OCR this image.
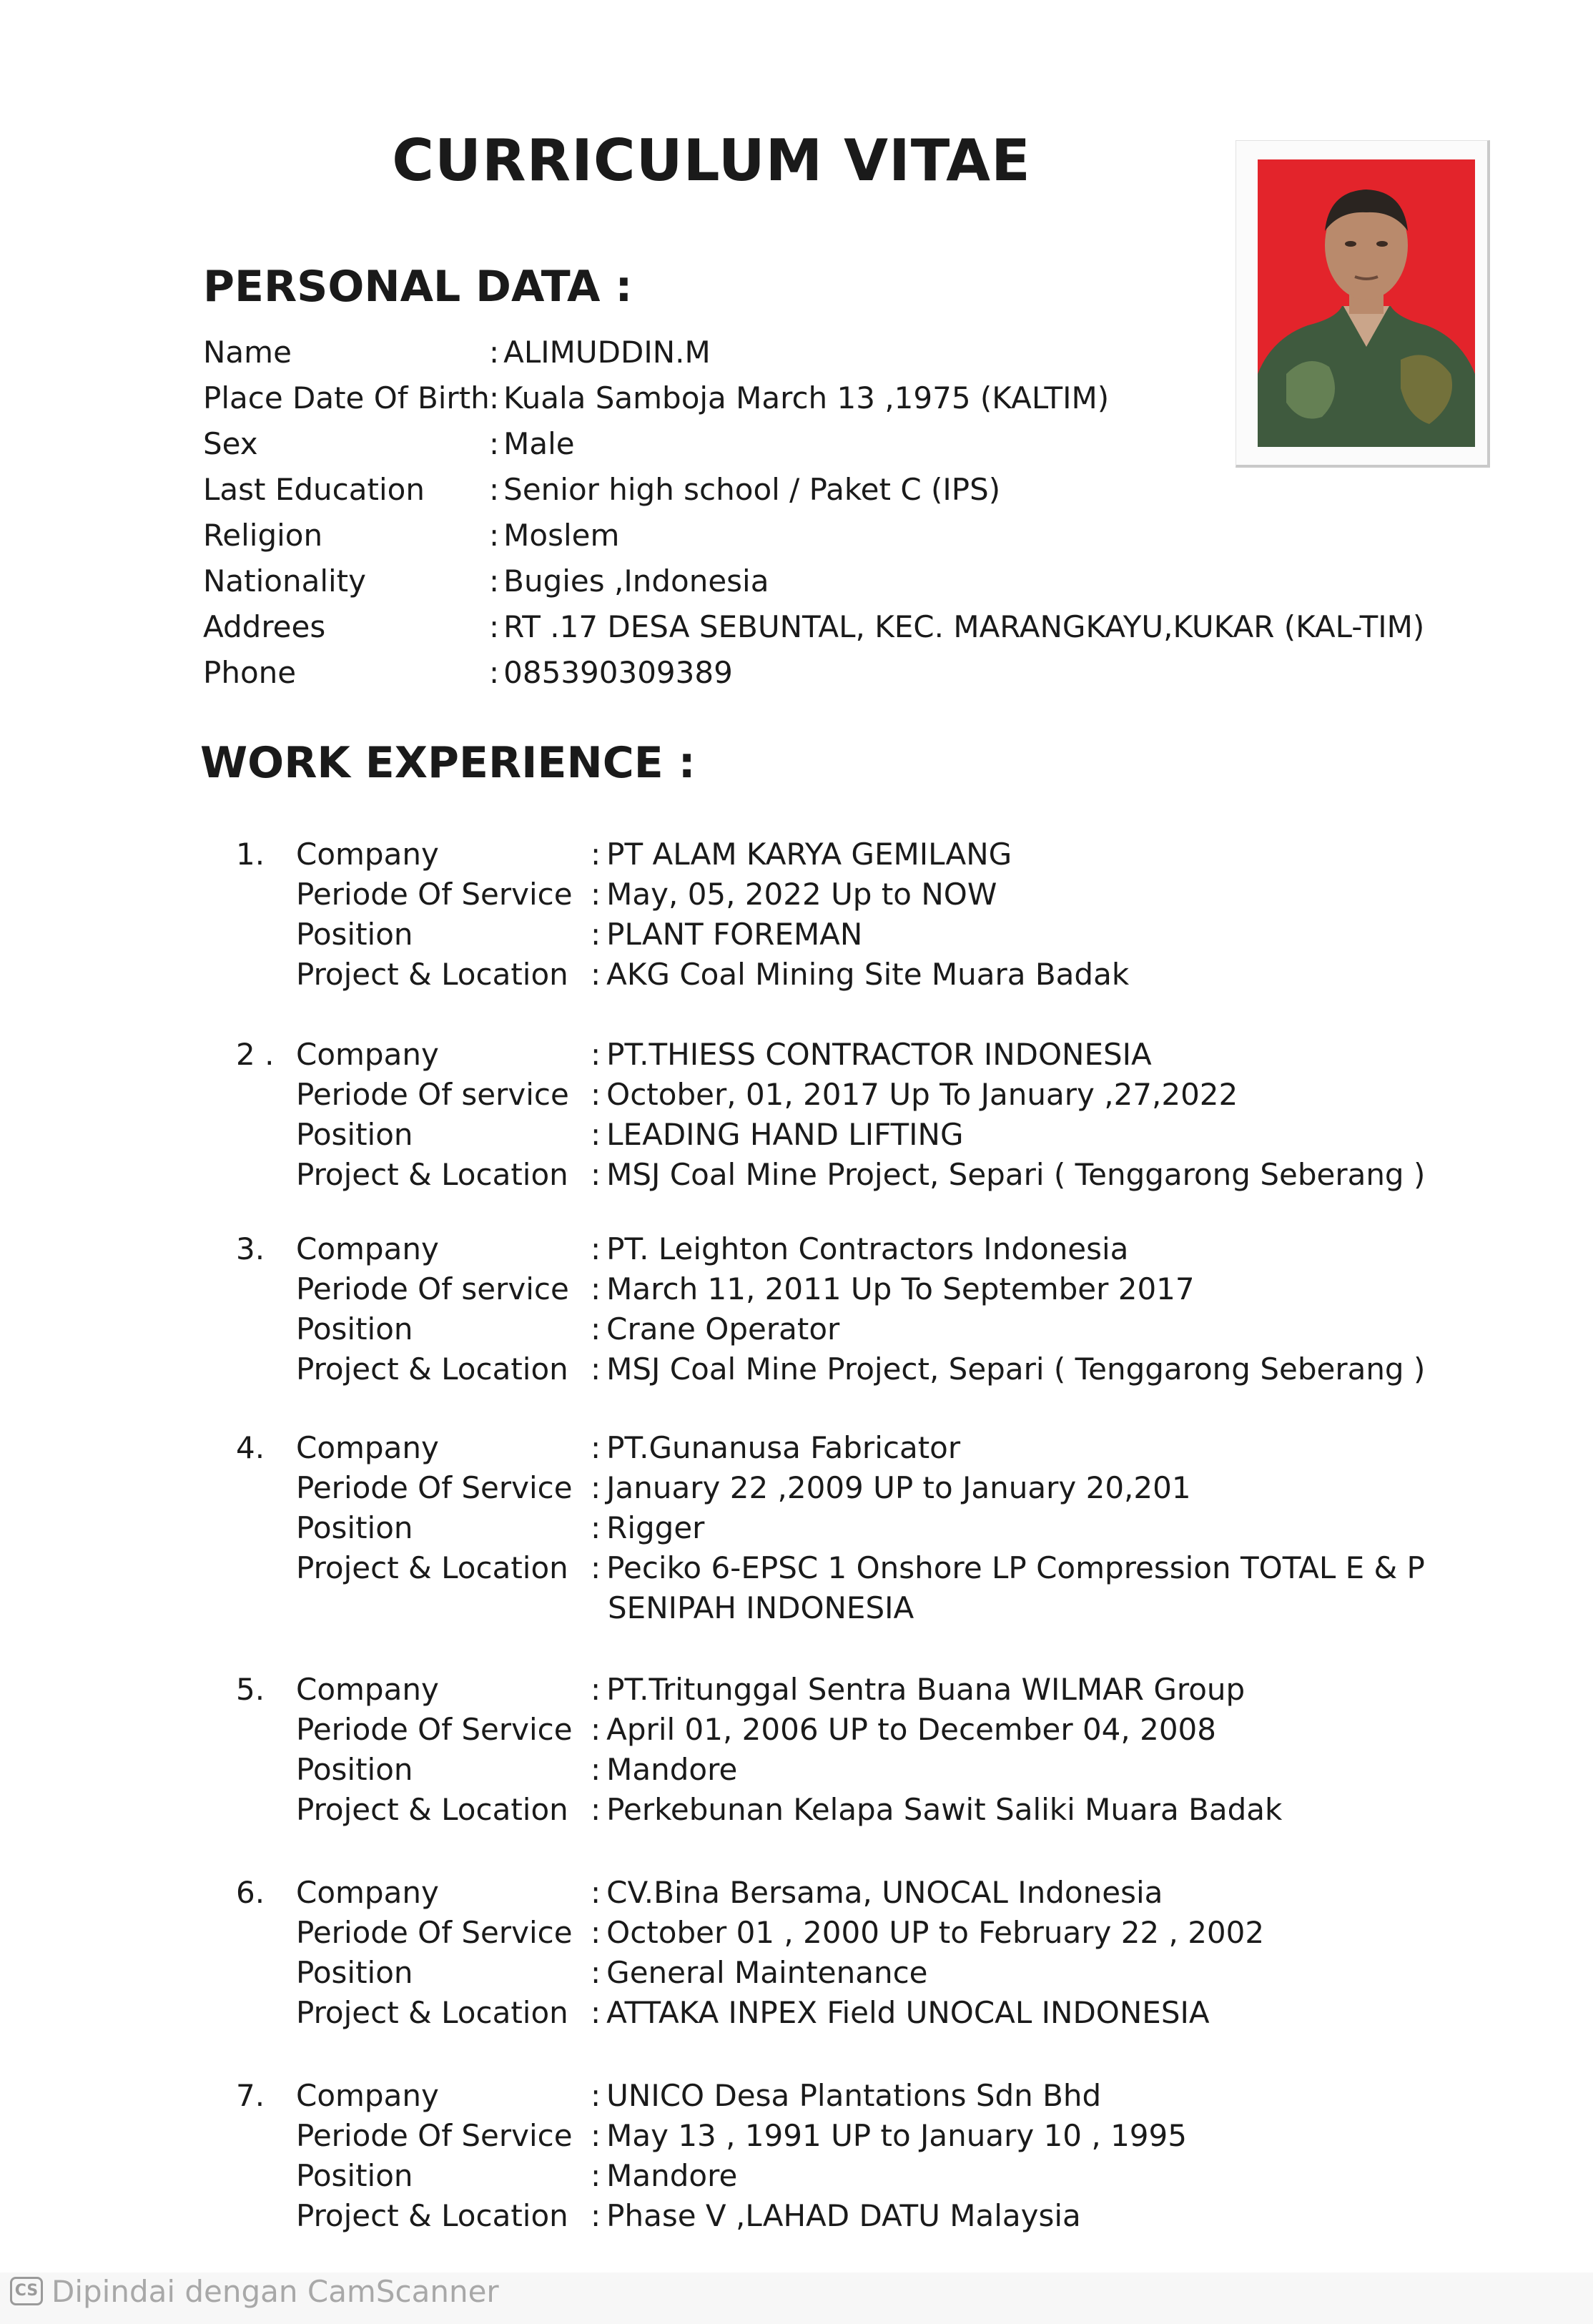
CURRICULUM VITAE
PERSONAL DATA :
Name	: ALIMUDDIN.M
Place Date Of Birth : Kuala Samboja March 13 ,1975 (KALTIM)
Sex	: Male
Last Education	: Senior high school / Paket C (IPS)
Religion	: Moslem
Nationality	: Bugies ,Indonesia
Addrees	: RT .17 DESA SEBUNTAL, KEC. MARANGKAYU,KUKAR (KAL-TIM)
Phone	: 085390309389
WORK EXPERIENCE :
1. Company	: PT ALAM KARYA GEMILANG
Periode Of Service	: May, 05, 2022 Up to NOW
Position	: PLANT FOREMAN
Project & Location	: AKG Coal Mining Site Muara Badak
2 . Company	: PT.THIESS CONTRACTOR INDONESIA
Periode Of service	: October, 01, 2017 Up To January ,27,2022
Position	: LEADING HAND LIFTING
Project & Location	: MSJ Coal Mine Project, Separi ( Tenggarong Seberang )
3. Company	: PT. Leighton Contractors Indonesia
Periode Of service	: March 11, 2011 Up To September 2017
Position	: Crane Operator
Project & Location	: MSJ Coal Mine Project, Separi ( Tenggarong Seberang )
4. Company	: PT.Gunanusa Fabricator
Periode Of Service	: January 22 ,2009 UP to January 20,201
Position	: Rigger
Project & Location	: Peciko 6-EPSC 1 Onshore LP Compression TOTAL E & P
SENIPAH INDONESIA
5. Company	: PT.Tritunggal Sentra Buana WILMAR Group
Periode Of Service	: April 01, 2006 UP to December 04, 2008
Position	: Mandore
Project & Location	: Perkebunan Kelapa Sawit Saliki Muara Badak
6. Company	: CV.Bina Bersama, UNOCAL Indonesia
Periode Of Service	: October 01 , 2000 UP to February 22 , 2002
Position	: General Maintenance
Project & Location	: ATTAKA INPEX Field UNOCAL INDONESIA
7. Company	: UNICO Desa Plantations Sdn Bhd
Periode Of Service	: May 13 , 1991 UP to January 10 , 1995
Position	: Mandore
Project & Location	: Phase V ,LAHAD DATU Malaysia
CS Dipindai dengan CamScanner
